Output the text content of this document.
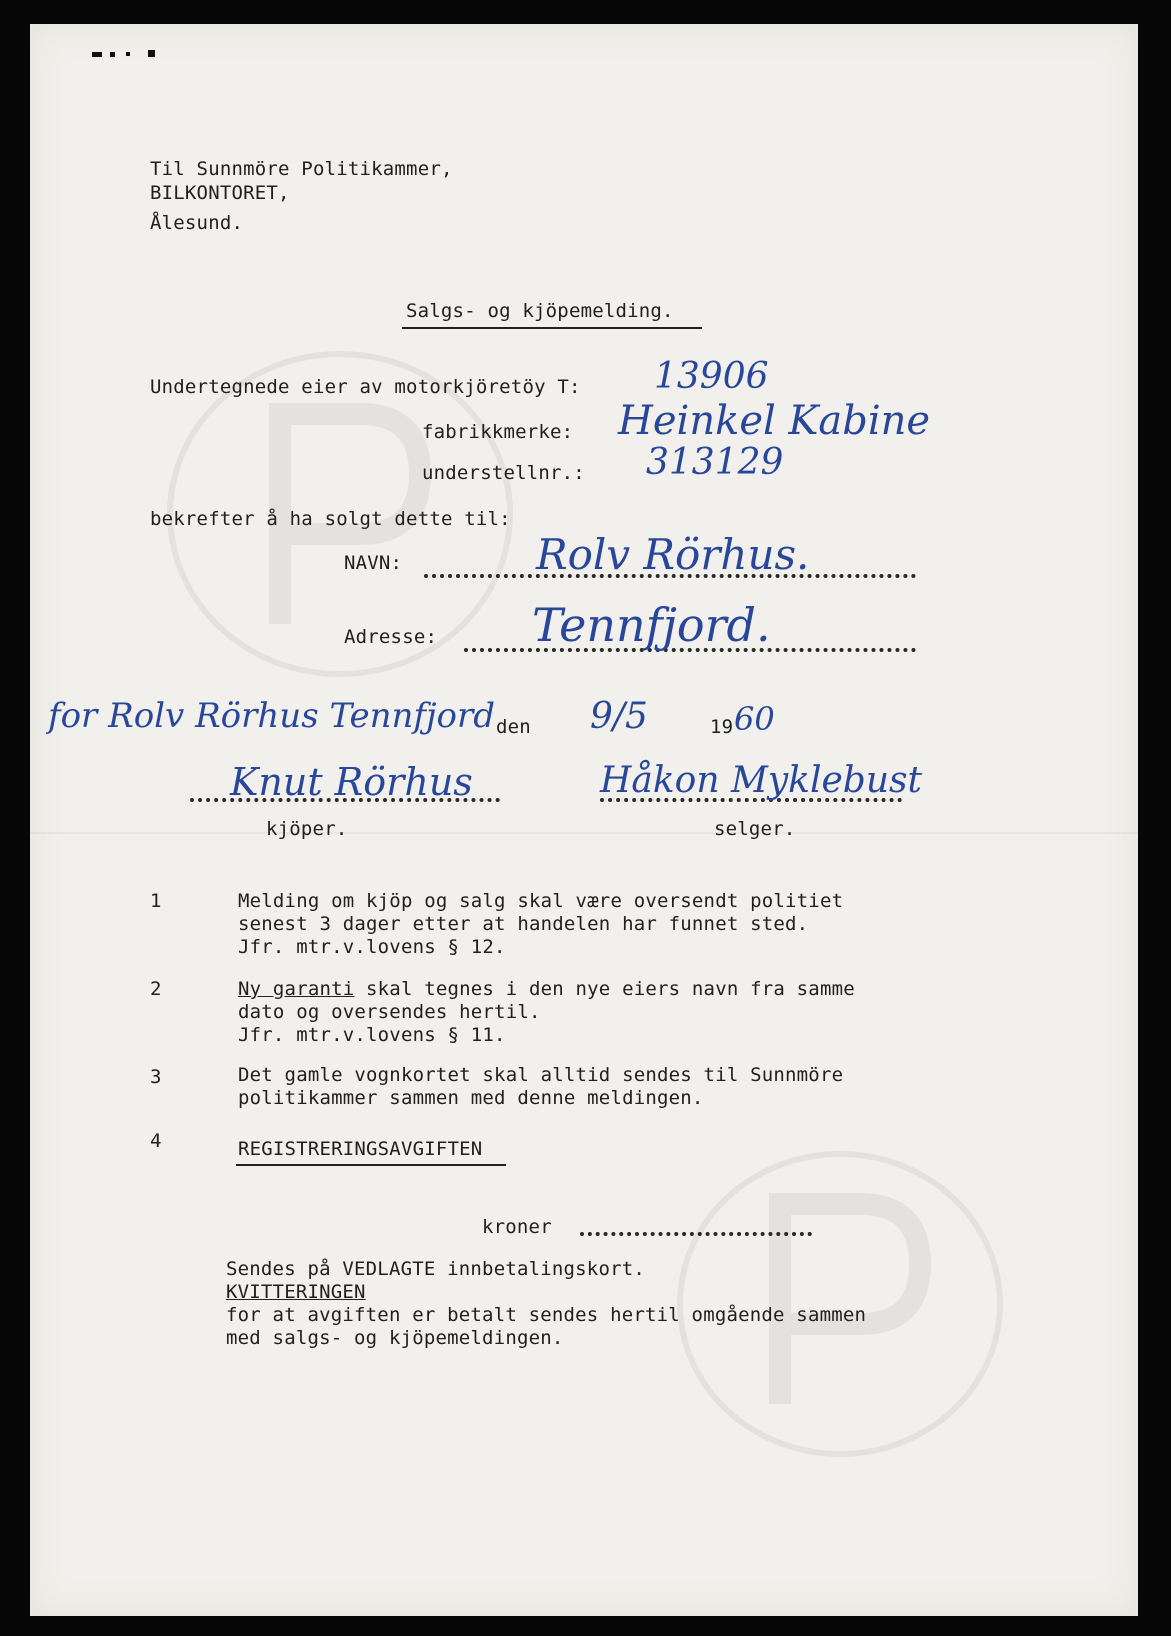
Til Sunnmöre Politikammer,
BILKONTORET,
Ålesund.
Salgs- og kjöpemelding.
Undertegnede eier av motorkjöretöy T: 13906
fabrikkmerke: Heinkel Kabine
understellnr.: 313129
bekrefter å ha solgt dette til:
NAVN:	Rolv Rörhus.
Adresse: Tennfjord.
for Rolv Rörhus Tennfjord den 9/5	19 60
Knut Rörhus	Håkon Myklebust
kjöper.	selger.
1	Melding om kjöp og salg skal være oversendt politiet
senest 3 dager etter at handelen har funnet sted.
Jfr. mtr.v.lovens § 12.
2	Ny garanti skal tegnes i den nye eiers navn fra samme
dato og oversendes hertil.
Jfr. mtr.v.lovens § 11.
3	Det gamle vognkortet skal alltid sendes til Sunnmöre
politikammer sammen med denne meldingen.
4	REGISTRERINGSAVGIFTEN
kroner
Sendes på VEDLAGTE innbetalingskort.
KVITTERINGEN
for at avgiften er betalt sendes hertil omgående sammen
med salgs- og kjöpemeldingen.
